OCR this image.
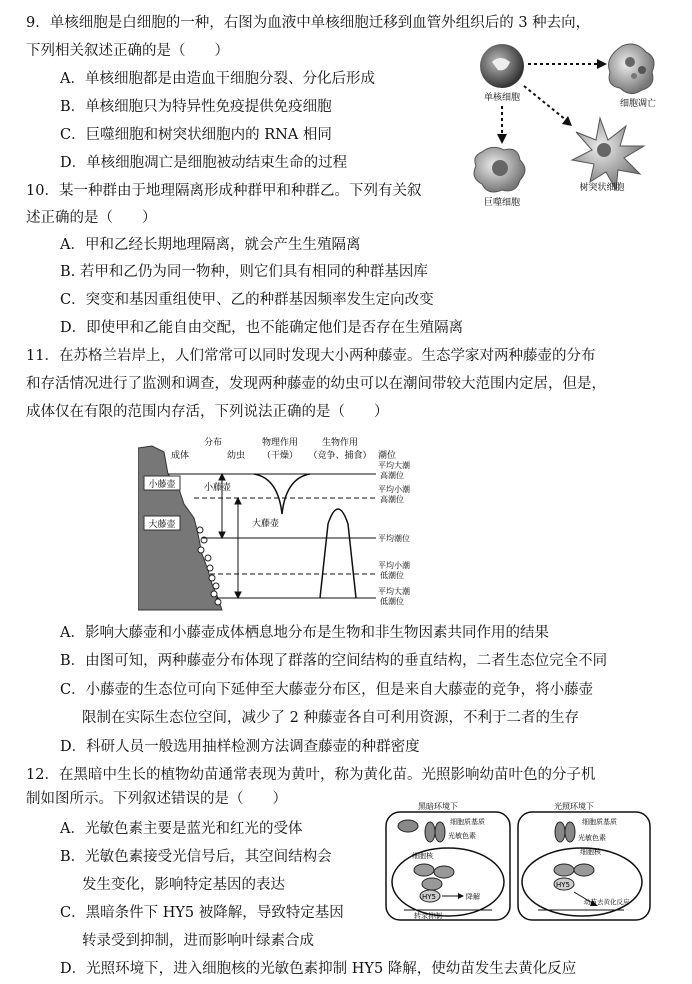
9．单核细胞是白细胞的一种，右图为血液中单核细胞迁移到血管外组织后的 3 种去向，
下列相关叙述正确的是（　　）
A．单核细胞都是由造血干细胞分裂、分化后形成
B．单核细胞只为特异性免疫提供免疫细胞
C．巨噬细胞和树突状细胞内的 RNA 相同
D．单核细胞凋亡是细胞被动结束生命的过程
单核细胞
细胞凋亡
巨噬细胞
树突状细胞
10．某一种群由于地理隔离形成种群甲和种群乙。下列有关叙
述正确的是（　　）
A．甲和乙经长期地理隔离，就会产生生殖隔离
B. 若甲和乙仍为同一物种，则它们具有相同的种群基因库
C．突变和基因重组使甲、乙的种群基因频率发生定向改变
D．即使甲和乙能自由交配，也不能确定他们是否存在生殖隔离
11．在苏格兰岩岸上，人们常常可以同时发现大小两种藤壶。生态学家对两种藤壶的分布
和存活情况进行了监测和调查，发现两种藤壶的幼虫可以在潮间带较大范围内定居，但是，
成体仅在有限的范围内存活，下列说法正确的是（　　）
分布
成体	幼虫
物理作用
（干燥）
生物作用
（竞争、捕食） 潮位
小藤壶
大藤壶
小藤壶
大藤壶
平均大潮
高潮位
平均小潮
高潮位
平均潮位
平均小潮
低潮位
平均大潮
低潮位
A．影响大藤壶和小藤壶成体栖息地分布是生物和非生物因素共同作用的结果
B．由图可知，两种藤壶分布体现了群落的空间结构的垂直结构，二者生态位完全不同
C．小藤壶的生态位可向下延伸至大藤壶分布区，但是来自大藤壶的竞争，将小藤壶
限制在实际生态位空间，减少了 2 种藤壶各自可利用资源，不利于二者的生存
D．科研人员一般选用抽样检测方法调查藤壶的种群密度
12．在黑暗中生长的植物幼苗通常表现为黄叶，称为黄化苗。光照影响幼苗叶色的分子机
制如图所示。下列叙述错误的是（　　）
A．光敏色素主要是蓝光和红光的受体
B．光敏色素接受光信号后，其空间结构会
发生变化，影响特定基因的表达
C．黑暗条件下 HY5 被降解，导致特定基因
转录受到抑制，进而影响叶绿素合成
D．光照环境下，进入细胞核的光敏色素抑制 HY5 降解，使幼苗发生去黄化反应
黑暗环境下
细胞质基质
光敏色素
细胞核
HY5	降解
转录抑制
光照环境下
细胞质基质
光敏色素
细胞核
HY5
幼苗去黄化反应
